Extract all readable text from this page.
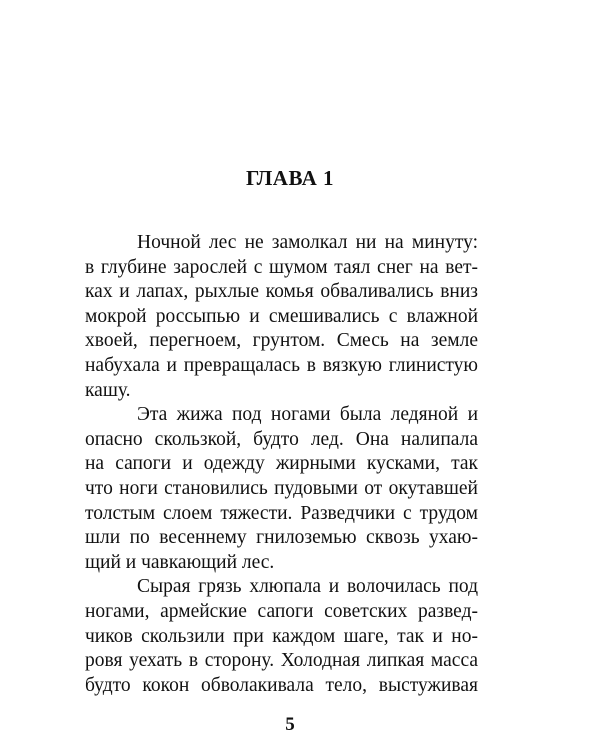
ГЛАВА 1
Ночной лес не замолкал ни на минуту:
в глубине зарослей с шумом таял снег на вет-
ках и лапах, рыхлые комья обваливались вниз
мокрой россыпью и смешивались с влажной
хвоей, перегноем, грунтом. Смесь на земле
набухала и превращалась в вязкую глинистую
кашу.
Эта жижа под ногами была ледяной и
опасно скользкой, будто лед. Она налипала
на сапоги и одежду жирными кусками, так
что ноги становились пудовыми от окутавшей
толстым слоем тяжести. Разведчики с трудом
шли по весеннему гнилоземью сквозь ухаю-
щий и чавкающий лес.
Сырая грязь хлюпала и волочилась под
ногами, армейские сапоги советских развед-
чиков скользили при каждом шаге, так и но-
ровя уехать в сторону. Холодная липкая масса
будто кокон обволакивала тело, выстуживая
5
